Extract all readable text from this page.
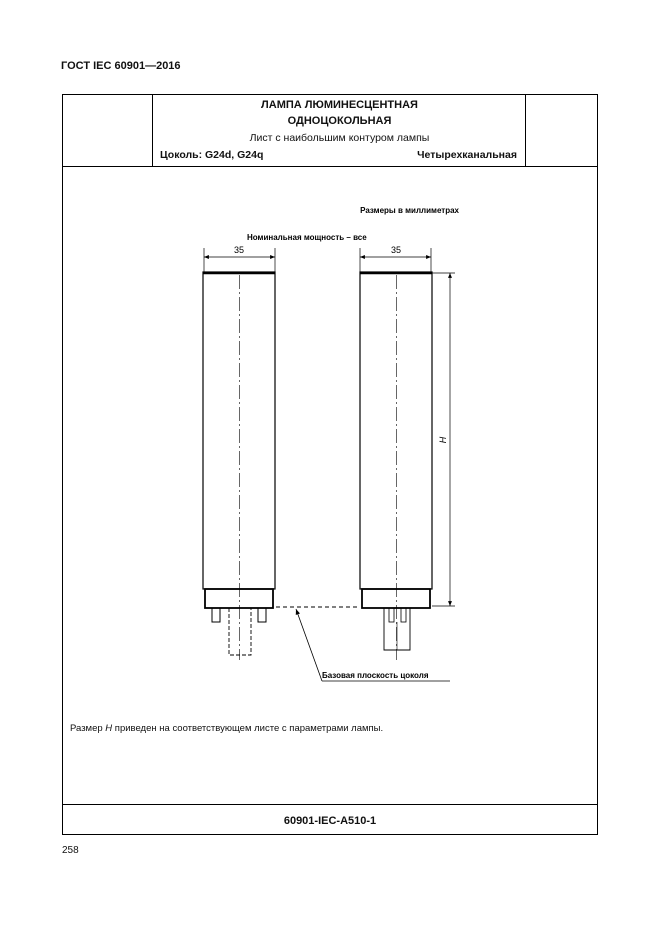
ГОСТ IEC 60901—2016
ЛАМПА ЛЮМИНЕСЦЕНТНАЯ
ОДНОЦОКОЛЬНАЯ
Лист с наибольшим контуром лампы
Цоколь: G24d, G24q	Четырехканальная
Размер H приведен на соответствующем листе с параметрами лампы.
60901-IEC-A510-1
Размеры в миллиметрах
Номинальная мощность – все
35	35
H
Базовая плоскость цоколя
258
